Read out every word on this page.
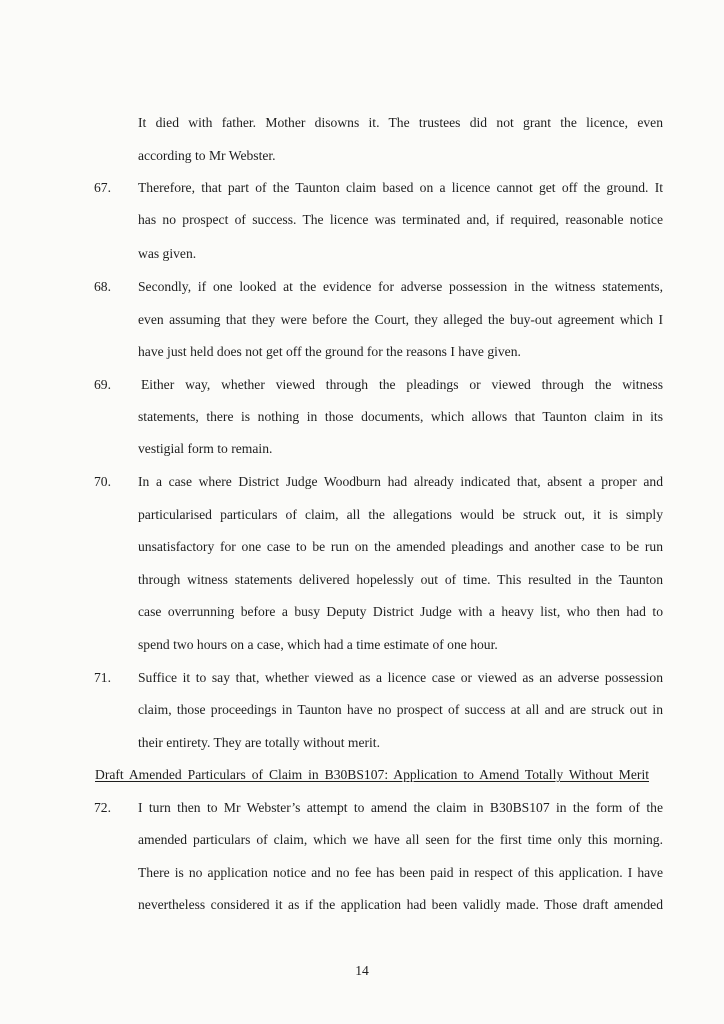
It died with father. Mother disowns it. The trustees did not grant the licence, even
according to Mr Webster.
67. Therefore, that part of the Taunton claim based on a licence cannot get off the ground. It
has no prospect of success. The licence was terminated and, if required, reasonable notice
was given.
68. Secondly, if one looked at the evidence for adverse possession in the witness statements,
even assuming that they were before the Court, they alleged the buy-out agreement which I
have just held does not get off the ground for the reasons I have given.
69. Either way, whether viewed through the pleadings or viewed through the witness
statements, there is nothing in those documents, which allows that Taunton claim in its
vestigial form to remain.
70. In a case where District Judge Woodburn had already indicated that, absent a proper and
particularised particulars of claim, all the allegations would be struck out, it is simply
unsatisfactory for one case to be run on the amended pleadings and another case to be run
through witness statements delivered hopelessly out of time. This resulted in the Taunton
case overrunning before a busy Deputy District Judge with a heavy list, who then had to
spend two hours on a case, which had a time estimate of one hour.
71. Suffice it to say that, whether viewed as a licence case or viewed as an adverse possession
claim, those proceedings in Taunton have no prospect of success at all and are struck out in
their entirety. They are totally without merit.
Draft Amended Particulars of Claim in B30BS107: Application to Amend Totally Without Merit
72. I turn then to Mr Webster’s attempt to amend the claim in B30BS107 in the form of the
amended particulars of claim, which we have all seen for the first time only this morning.
There is no application notice and no fee has been paid in respect of this application. I have
nevertheless considered it as if the application had been validly made. Those draft amended
14
